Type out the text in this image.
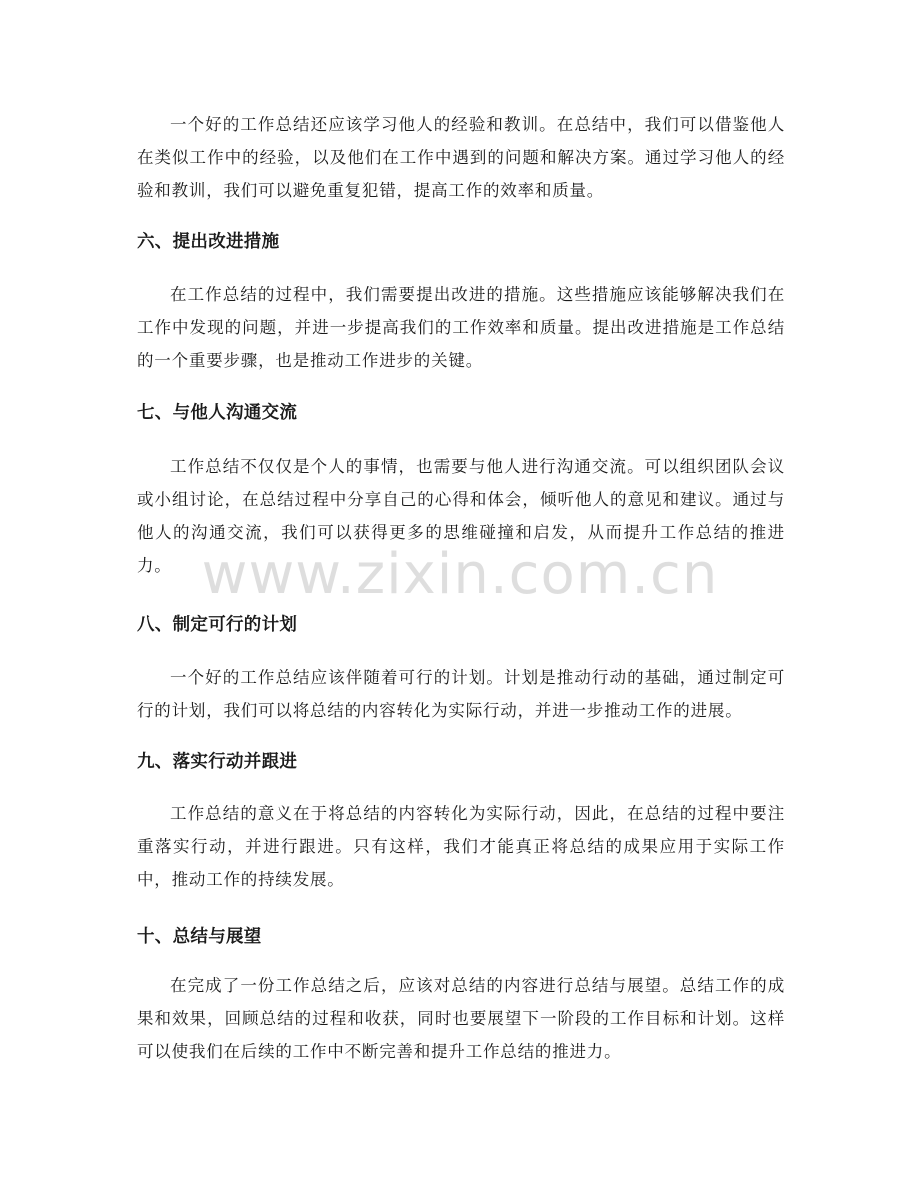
一个好的工作总结还应该学习他人的经验和教训。在总结中，我们可以借鉴他人在类似工作中的经验，以及他们在工作中遇到的问题和解决方案。通过学习他人的经验和教训，我们可以避免重复犯错，提高工作的效率和质量。

六、提出改进措施

在工作总结的过程中，我们需要提出改进的措施。这些措施应该能够解决我们在工作中发现的问题，并进一步提高我们的工作效率和质量。提出改进措施是工作总结的一个重要步骤，也是推动工作进步的关键。

七、与他人沟通交流

工作总结不仅仅是个人的事情，也需要与他人进行沟通交流。可以组织团队会议或小组讨论，在总结过程中分享自己的心得和体会，倾听他人的意见和建议。通过与他人的沟通交流，我们可以获得更多的思维碰撞和启发，从而提升工作总结的推进力。

八、制定可行的计划

一个好的工作总结应该伴随着可行的计划。计划是推动行动的基础，通过制定可行的计划，我们可以将总结的内容转化为实际行动，并进一步推动工作的进展。

九、落实行动并跟进

工作总结的意义在于将总结的内容转化为实际行动，因此，在总结的过程中要注重落实行动，并进行跟进。只有这样，我们才能真正将总结的成果应用于实际工作中，推动工作的持续发展。

十、总结与展望

在完成了一份工作总结之后，应该对总结的内容进行总结与展望。总结工作的成果和效果，回顾总结的过程和收获，同时也要展望下一阶段的工作目标和计划。这样可以使我们在后续的工作中不断完善和提升工作总结的推进力。

www.zixin.com.cn
